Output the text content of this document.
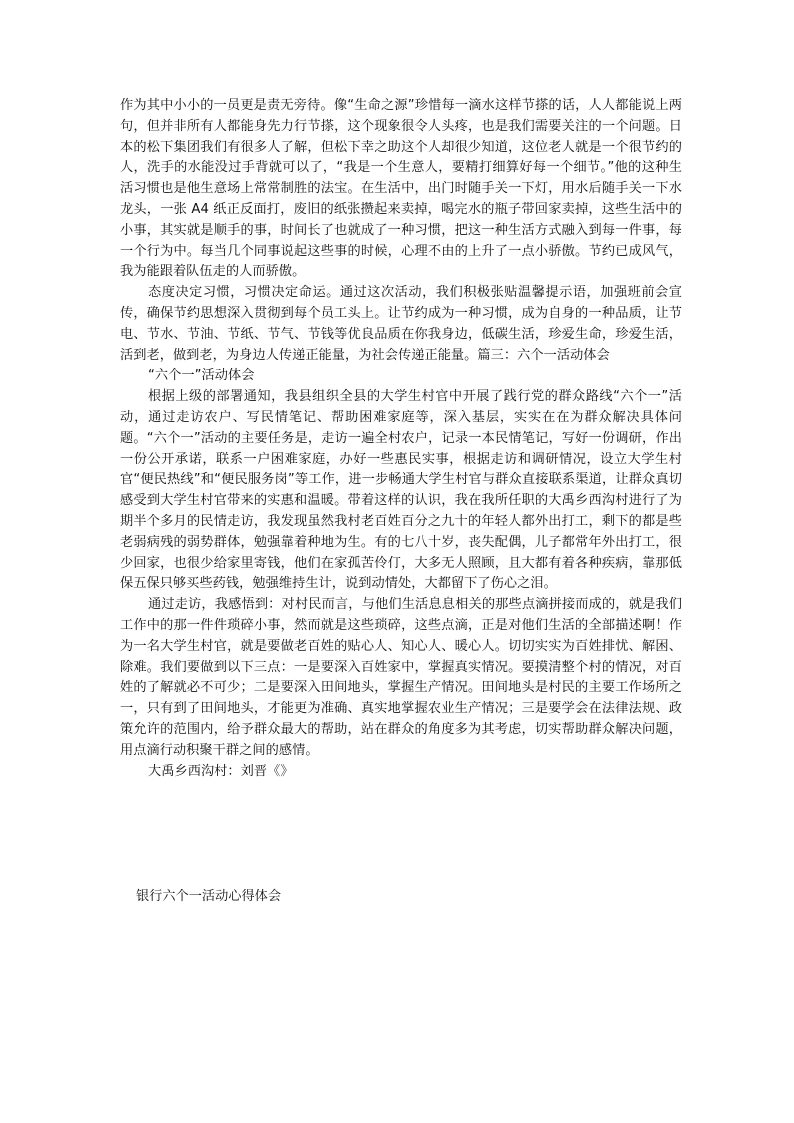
作为其中小小的一员更是责无旁待。像“生命之源”珍惜每一滴水这样节搽的话，人人都能说上两句，但并非所有人都能身先力行节搽，这个现象很令人头疼，也是我们需要关注的一个问题。日本的松下集团我们有很多人了解，但松下幸之助这个人却很少知道，这位老人就是一个很节约的人，洗手的水能没过手背就可以了，“我是一个生意人，要精打细算好每一个细节。”他的这种生活习惯也是他生意场上常常制胜的法宝。在生活中，出门时随手关一下灯，用水后随手关一下水龙头，一张 A4 纸正反面打，废旧的纸张攒起来卖掉，喝完水的瓶子带回家卖掉，这些生活中的小事，其实就是顺手的事，时间长了也就成了一种习惯，把这一种生活方式融入到每一件事，每一个行为中。每当几个同事说起这些事的时候，心理不由的上升了一点小骄傲。节约已成风气，我为能跟着队伍走的人而骄傲。

态度决定习惯，习惯决定命运。通过这次活动，我们积极张贴温馨提示语，加强班前会宣传，确保节约思想深入贯彻到每个员工头上。让节约成为一种习惯，成为自身的一种品质，让节电、节水、节油、节纸、节气、节钱等优良品质在你我身边，低碳生活，珍爱生命，珍爱生活，活到老，做到老，为身边人传递正能量，为社会传递正能量。篇三：六个一活动体会

“六个一”活动体会

根据上级的部署通知，我县组织全县的大学生村官中开展了践行党的群众路线“六个一”活动，通过走访农户、写民情笔记、帮助困难家庭等，深入基层，实实在在为群众解决具体问题。“六个一”活动的主要任务是，走访一遍全村农户，记录一本民情笔记，写好一份调研，作出一份公开承诺，联系一户困难家庭，办好一些惠民实事，根据走访和调研情况，设立大学生村官“便民热线”和“便民服务岗”等工作，进一步畅通大学生村官与群众直接联系渠道，让群众真切感受到大学生村官带来的实惠和温暖。带着这样的认识，我在我所任职的大禹乡西沟村进行了为期半个多月的民情走访，我发现虽然我村老百姓百分之九十的年轻人都外出打工，剩下的都是些老弱病残的弱势群体，勉强靠着种地为生。有的七八十岁，丧失配偶，儿子都常年外出打工，很少回家，也很少给家里寄钱，他们在家孤苦伶仃，大多无人照顾，且大都有着各种疾病，靠那低保五保只够买些药钱，勉强维持生计，说到动情处，大都留下了伤心之泪。

通过走访，我感悟到：对村民而言，与他们生活息息相关的那些点滴拼接而成的，就是我们工作中的那一件件琐碎小事，然而就是这些琐碎，这些点滴，正是对他们生活的全部描述啊！作为一名大学生村官，就是要做老百姓的贴心人、知心人、暖心人。切切实实为百姓排忧、解困、除难。我们要做到以下三点：一是要深入百姓家中，掌握真实情况。要摸清整个村的情况，对百姓的了解就必不可少；二是要深入田间地头，掌握生产情况。田间地头是村民的主要工作场所之一，只有到了田间地头，才能更为准确、真实地掌握农业生产情况；三是要学会在法律法规、政策允许的范围内，给予群众最大的帮助，站在群众的角度多为其考虑，切实帮助群众解决问题，用点滴行动积聚干群之间的感情。

大禹乡西沟村：刘晋《》

银行六个一活动心得体会
